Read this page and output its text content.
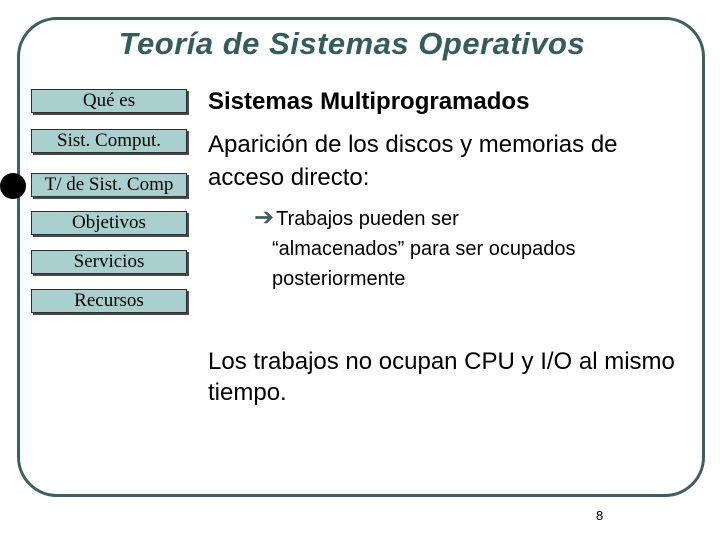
Teoría de Sistemas Operativos
Qué es
Sist. Comput.
T/ de Sist. Comp
Objetivos
Servicios
Recursos
Sistemas Multiprogramados
Aparición de los discos y memorias de acceso directo:
➔ Trabajos pueden ser
“almacenados” para ser ocupados posteriormente
Los trabajos no ocupan CPU y I/O al mismo tiempo.
8
